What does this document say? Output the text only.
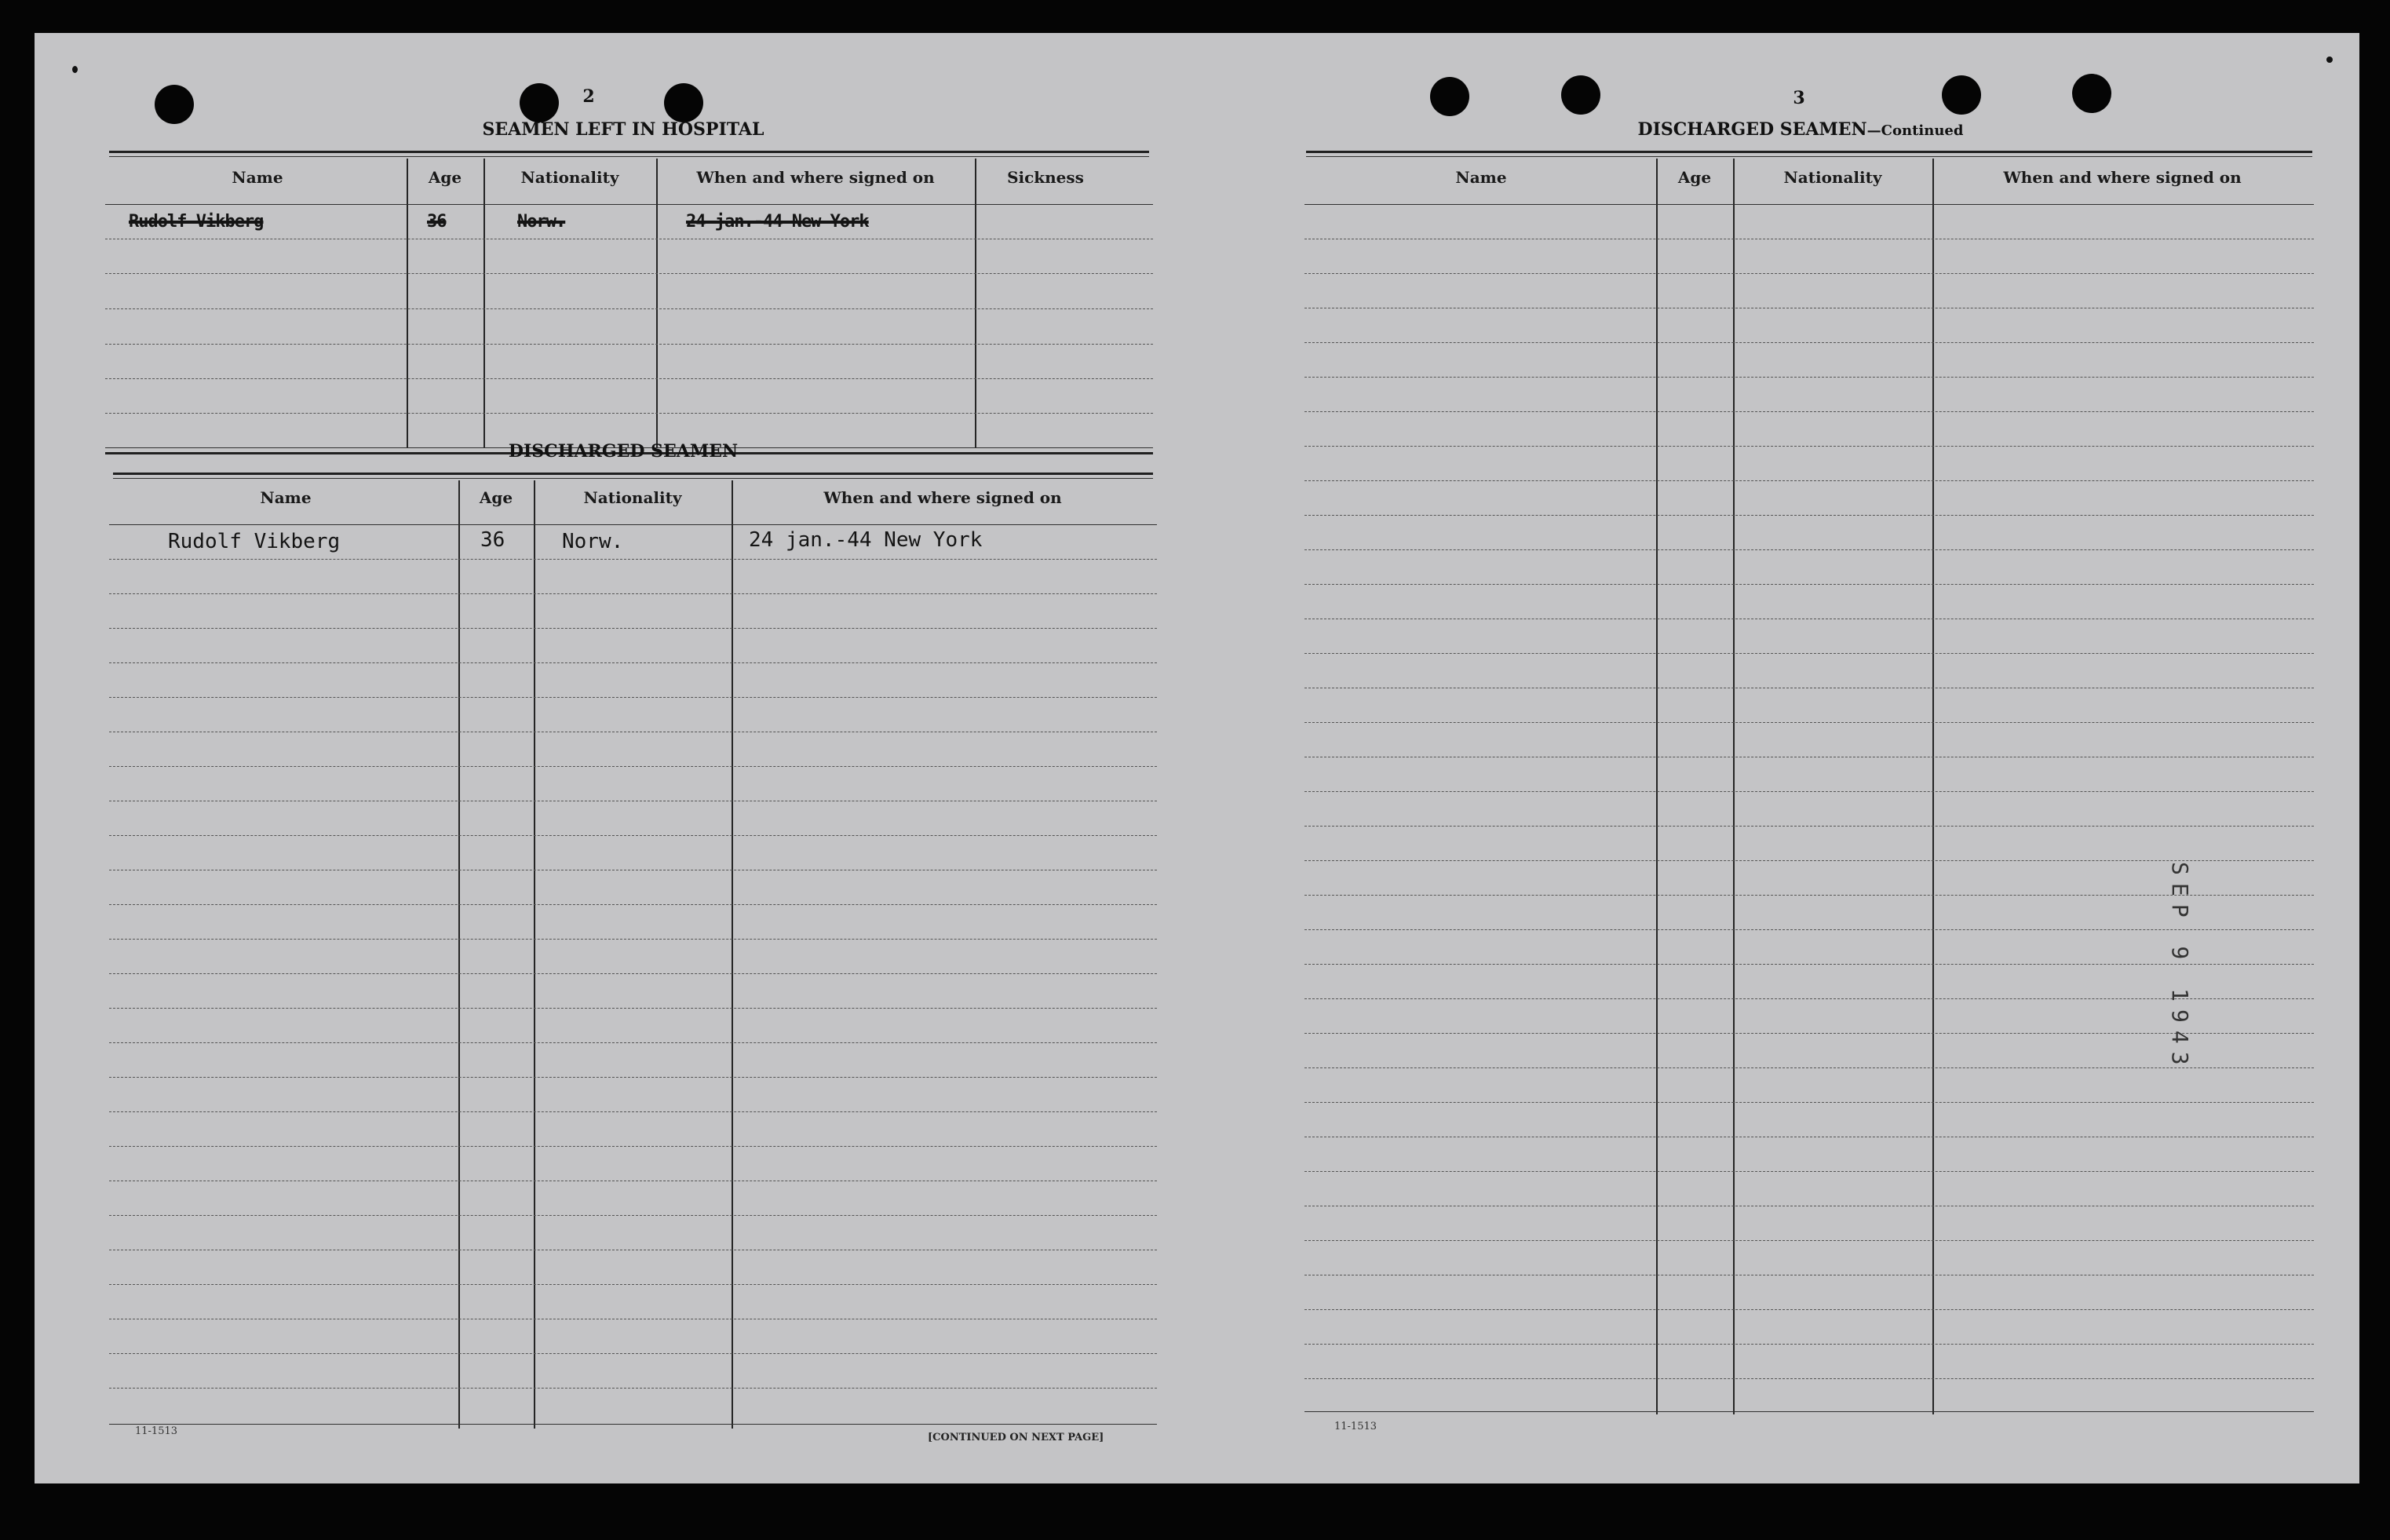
2
SEAMEN LEFT IN HOSPITAL
Name	Age	Nationality	When and where signed on	Sickness
Rudolf Vikberg	36	Norw.	24 jan.-44 New York
DISCHARGED SEAMEN
Name	Age	Nationality	When and where signed on
Rudolf Vikberg	36	Norw.	24 jan.-44 New York
11-1513
[CONTINUED ON NEXT PAGE]
3
DISCHARGED SEAMEN—Continued
Name	Age	Nationality	When and where signed on
11-1513
SEP 9 1943
